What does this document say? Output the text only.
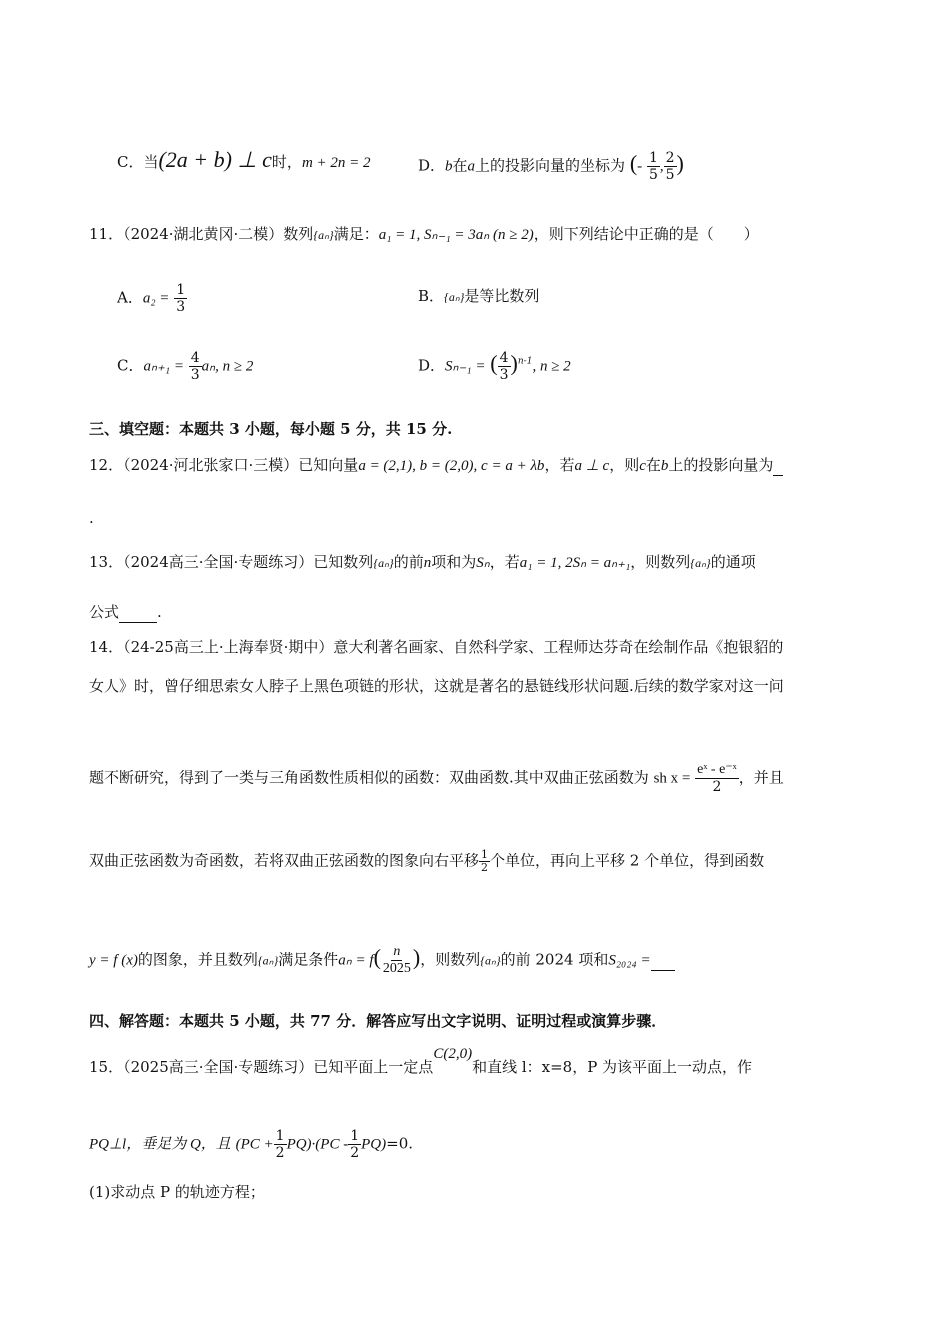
C．当(2a + b) ⊥ c时，m + 2n = 2	D．b在a上的投影向量的坐标为 (- $\frac{1}{5}$ , $\frac{2}{5}$ )
11．（2024·湖北黄冈·二模）数列{aₙ}满足：a₁ = 1, Sₙ₋₁ = 3aₙ (n ≥ 2)，则下列结论中正确的是（　　）
A．$a_2 = \frac{1}{3}$	B．{aₙ}是等比数列
C．$a_{n+1} = \frac{4}{3} a_n$, n ≥ 2	D．Sₙ₋₁ = ( $\frac{4}{3} )^{n-1}$, n ≥ 2
三、填空题：本题共 3 小题，每小题 5 分，共 15 分.
12．（2024·河北张家口·三模）已知向量a = (2,1), b = (2,0), c = a + λb，若a ⊥ c，则c在b上的投影向量为
.
13．（2024高三·全国·专题练习）已知数列{aₙ}的前n项和为Sₙ，若a₁ = 1, 2Sₙ = aₙ₊₁，则数列{aₙ}的通项
公式	.
14．（24-25高三上·上海奉贤·期中）意大利著名画家、自然科学家、工程师达芬奇在绘制作品《抱银貂的
女人》时，曾仔细思索女人脖子上黑色项链的形状，这就是著名的悬链线形状问题.后续的数学家对这一问
题不断研究，得到了一类与三角函数性质相似的函数：双曲函数.其中双曲正弦函数为 sh $x = \frac{\text{eˣ - e⁻ˣ}}{2}$ ，并且
双曲正弦函数为奇函数，若将双曲正弦函数的图象向右平移 $\frac{1}{2}$ 个单位，再向上平移 2 个单位，得到函数
y = f (x)的图象，并且数列{aₙ}满足条件$a_n = f( \frac{n}{2025}$ )，则数列{aₙ}的前 2024 项和S₂₀₂₄ =
四、解答题：本题共 5 小题，共 77 分．解答应写出文字说明、证明过程或演算步骤．
15．（2025高三·全国·专题练习）已知平面上一定点C(2,0)和直线 l：x=8，P 为该平面上一动点，作
PQ⊥l，垂足为 Q，且 $(PC + \frac{1}{2} PQ)\cdot(PC - \frac{1}{2} PQ)=0$.
(1)求动点 P 的轨迹方程；
